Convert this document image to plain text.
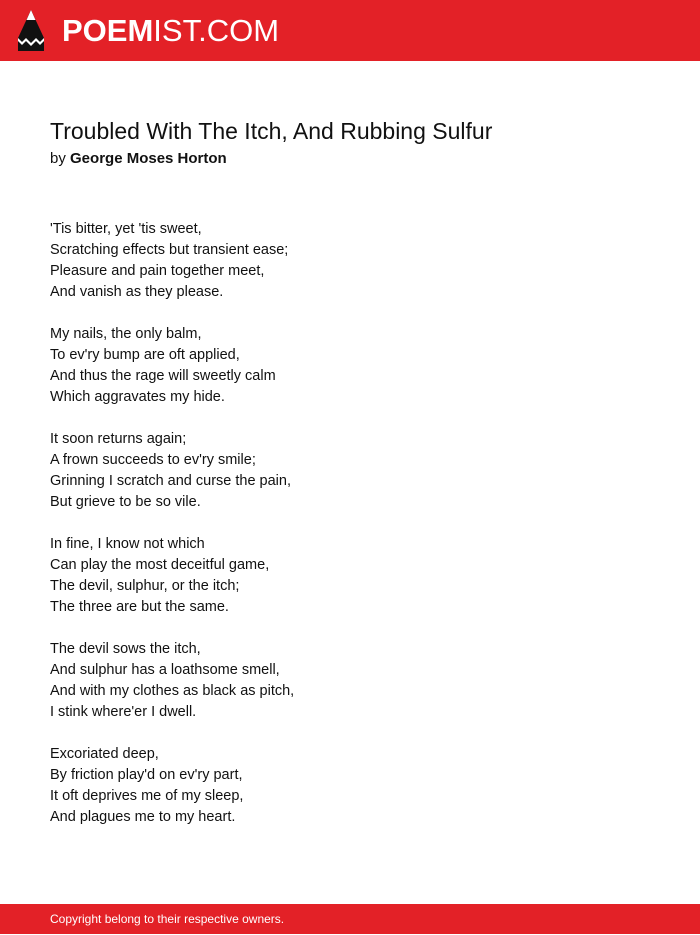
POEMIST.COM
Troubled With The Itch, And Rubbing Sulfur
by George Moses Horton
'Tis bitter, yet 'tis sweet,
Scratching effects but transient ease;
Pleasure and pain together meet,
And vanish as they please.
My nails, the only balm,
To ev'ry bump are oft applied,
And thus the rage will sweetly calm
Which aggravates my hide.
It soon returns again;
A frown succeeds to ev'ry smile;
Grinning I scratch and curse the pain,
But grieve to be so vile.
In fine, I know not which
Can play the most deceitful game,
The devil, sulphur, or the itch;
The three are but the same.
The devil sows the itch,
And sulphur has a loathsome smell,
And with my clothes as black as pitch,
I stink where'er I dwell.
Excoriated deep,
By friction play'd on ev'ry part,
It oft deprives me of my sleep,
And plagues me to my heart.
Copyright belong to their respective owners.
